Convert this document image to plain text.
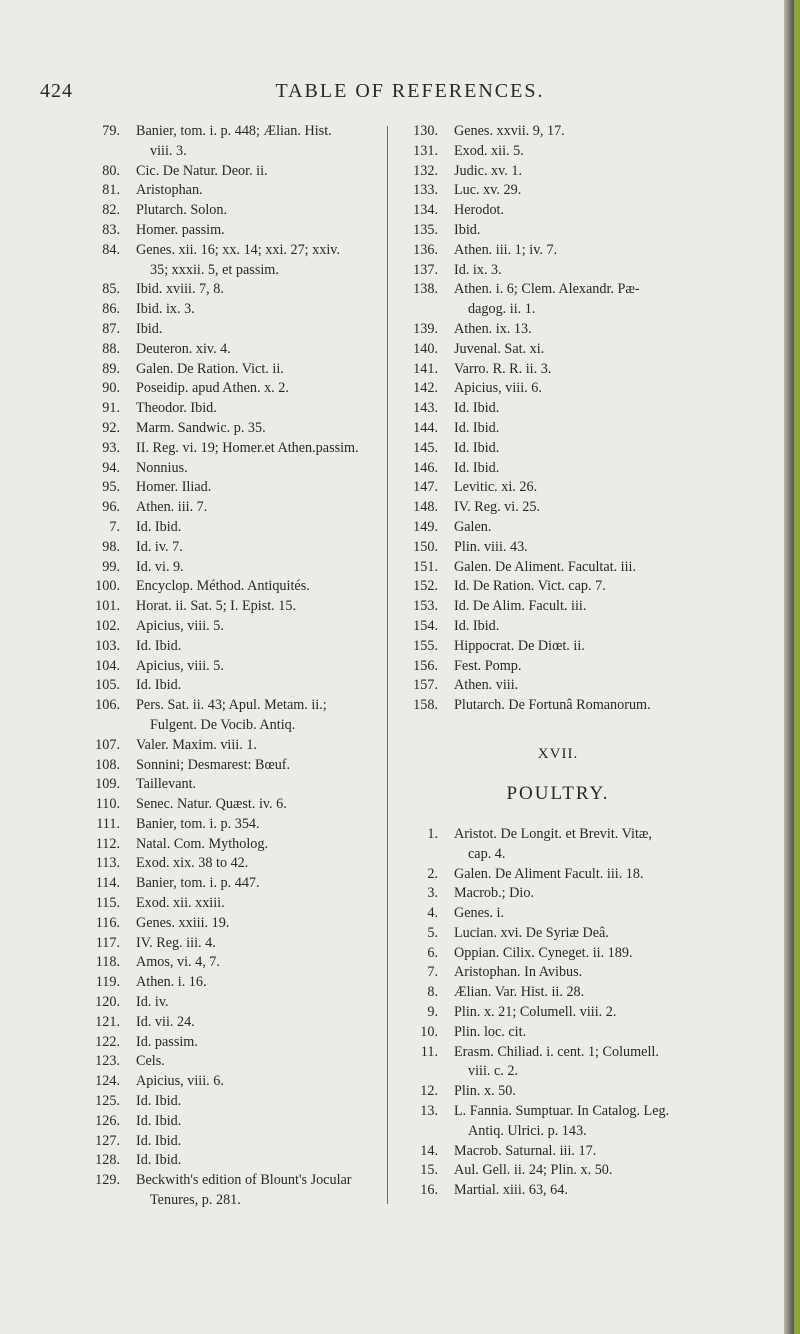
424	TABLE OF REFERENCES.
79. Banier, tom. i. p. 448; Ælian. Hist.
viii. 3.
80. Cic. De Natur. Deor. ii.
81. Aristophan.
82. Plutarch. Solon.
83. Homer. passim.
84. Genes. xii. 16; xx. 14; xxi. 27; xxiv.
35; xxxii. 5, et passim.
85. Ibid. xviii. 7, 8.
86. Ibid. ix. 3.
87. Ibid.
88. Deuteron. xiv. 4.
89. Galen. De Ration. Vict. ii.
90. Poseidip. apud Athen. x. 2.
91. Theodor. Ibid.
92. Marm. Sandwic. p. 35.
93. II. Reg. vi. 19; Homer.et Athen.passim.
94. Nonnius.
95. Homer. Iliad.
96. Athen. iii. 7.
7. Id. Ibid.
98. Id. iv. 7.
99. Id. vi. 9.
100. Encyclop. Méthod. Antiquités.
101. Horat. ii. Sat. 5; I. Epist. 15.
102. Apicius, viii. 5.
103. Id. Ibid.
104. Apicius, viii. 5.
105. Id. Ibid.
106. Pers. Sat. ii. 43; Apul. Metam. ii.;
Fulgent. De Vocib. Antiq.
107. Valer. Maxim. viii. 1.
108. Sonnini; Desmarest: Bœuf.
109. Taillevant.
110. Senec. Natur. Quæst. iv. 6.
111. Banier, tom. i. p. 354.
112. Natal. Com. Mytholog.
113. Exod. xix. 38 to 42.
114. Banier, tom. i. p. 447.
115. Exod. xii. xxiii.
116. Genes. xxiii. 19.
117. IV. Reg. iii. 4.
118. Amos, vi. 4, 7.
119. Athen. i. 16.
120. Id. iv.
121. Id. vii. 24.
122. Id. passim.
123. Cels.
124. Apicius, viii. 6.
125. Id. Ibid.
126. Id. Ibid.
127. Id. Ibid.
128. Id. Ibid.
129. Beckwith's edition of Blount's Jocular
Tenures, p. 281.
130. Genes. xxvii. 9, 17.
131. Exod. xii. 5.
132. Judic. xv. 1.
133. Luc. xv. 29.
134. Herodot.
135. Ibid.
136. Athen. iii. 1; iv. 7.
137. Id. ix. 3.
138. Athen. i. 6; Clem. Alexandr. Pæ-
dagog. ii. 1.
139. Athen. ix. 13.
140. Juvenal. Sat. xi.
141. Varro. R. R. ii. 3.
142. Apicius, viii. 6.
143. Id. Ibid.
144. Id. Ibid.
145. Id. Ibid.
146. Id. Ibid.
147. Levitic. xi. 26.
148. IV. Reg. vi. 25.
149. Galen.
150. Plin. viii. 43.
151. Galen. De Aliment. Facultat. iii.
152. Id. De Ration. Vict. cap. 7.
153. Id. De Alim. Facult. iii.
154. Id. Ibid.
155. Hippocrat. De Diœt. ii.
156. Fest. Pomp.
157. Athen. viii.
158. Plutarch. De Fortunâ Romanorum.
XVII.
POULTRY.
1. Aristot. De Longit. et Brevit. Vitæ,
cap. 4.
2. Galen. De Aliment Facult. iii. 18.
3. Macrob.; Dio.
4. Genes. i.
5. Lucian. xvi. De Syriæ Deâ.
6. Oppian. Cilix. Cyneget. ii. 189.
7. Aristophan. In Avibus.
8. Ælian. Var. Hist. ii. 28.
9. Plin. x. 21; Columell. viii. 2.
10. Plin. loc. cit.
11. Erasm. Chiliad. i. cent. 1; Columell.
viii. c. 2.
12. Plin. x. 50.
13. L. Fannia. Sumptuar. In Catalog. Leg.
Antiq. Ulrici. p. 143.
14. Macrob. Saturnal. iii. 17.
15. Aul. Gell. ii. 24; Plin. x. 50.
16. Martial. xiii. 63, 64.
